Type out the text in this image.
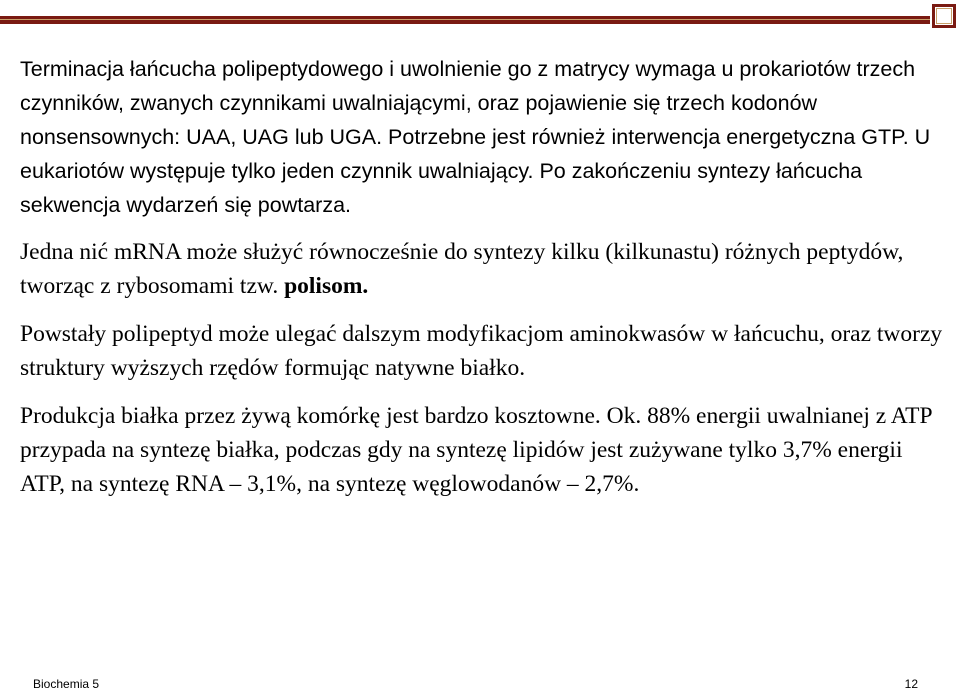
Terminacja łańcucha polipeptydowego i uwolnienie go z matrycy wymaga u prokariotów trzech czynników, zwanych czynnikami uwalniającymi, oraz pojawienie się trzech kodonów nonsensownych: UAA, UAG lub UGA. Potrzebne jest również interwencja energetyczna GTP. U eukariotów występuje tylko jeden czynnik uwalniający. Po zakończeniu syntezy łańcucha sekwencja wydarzeń się powtarza.

Jedna nić mRNA może służyć równocześnie do syntezy kilku (kilkunastu) różnych peptydów, tworząc z rybosomami tzw. polisom.

Powstały polipeptyd może ulegać dalszym modyfikacjom aminokwasów w łańcuchu, oraz tworzy struktury wyższych rzędów formując natywne białko.

Produkcja białka przez żywą komórkę jest bardzo kosztowne. Ok. 88% energii uwalnianej z ATP przypada na syntezę białka, podczas gdy na syntezę lipidów jest zużywane tylko 3,7% energii ATP, na syntezę RNA – 3,1%, na syntezę węglowodanów – 2,7%.

Biochemia 5	12
